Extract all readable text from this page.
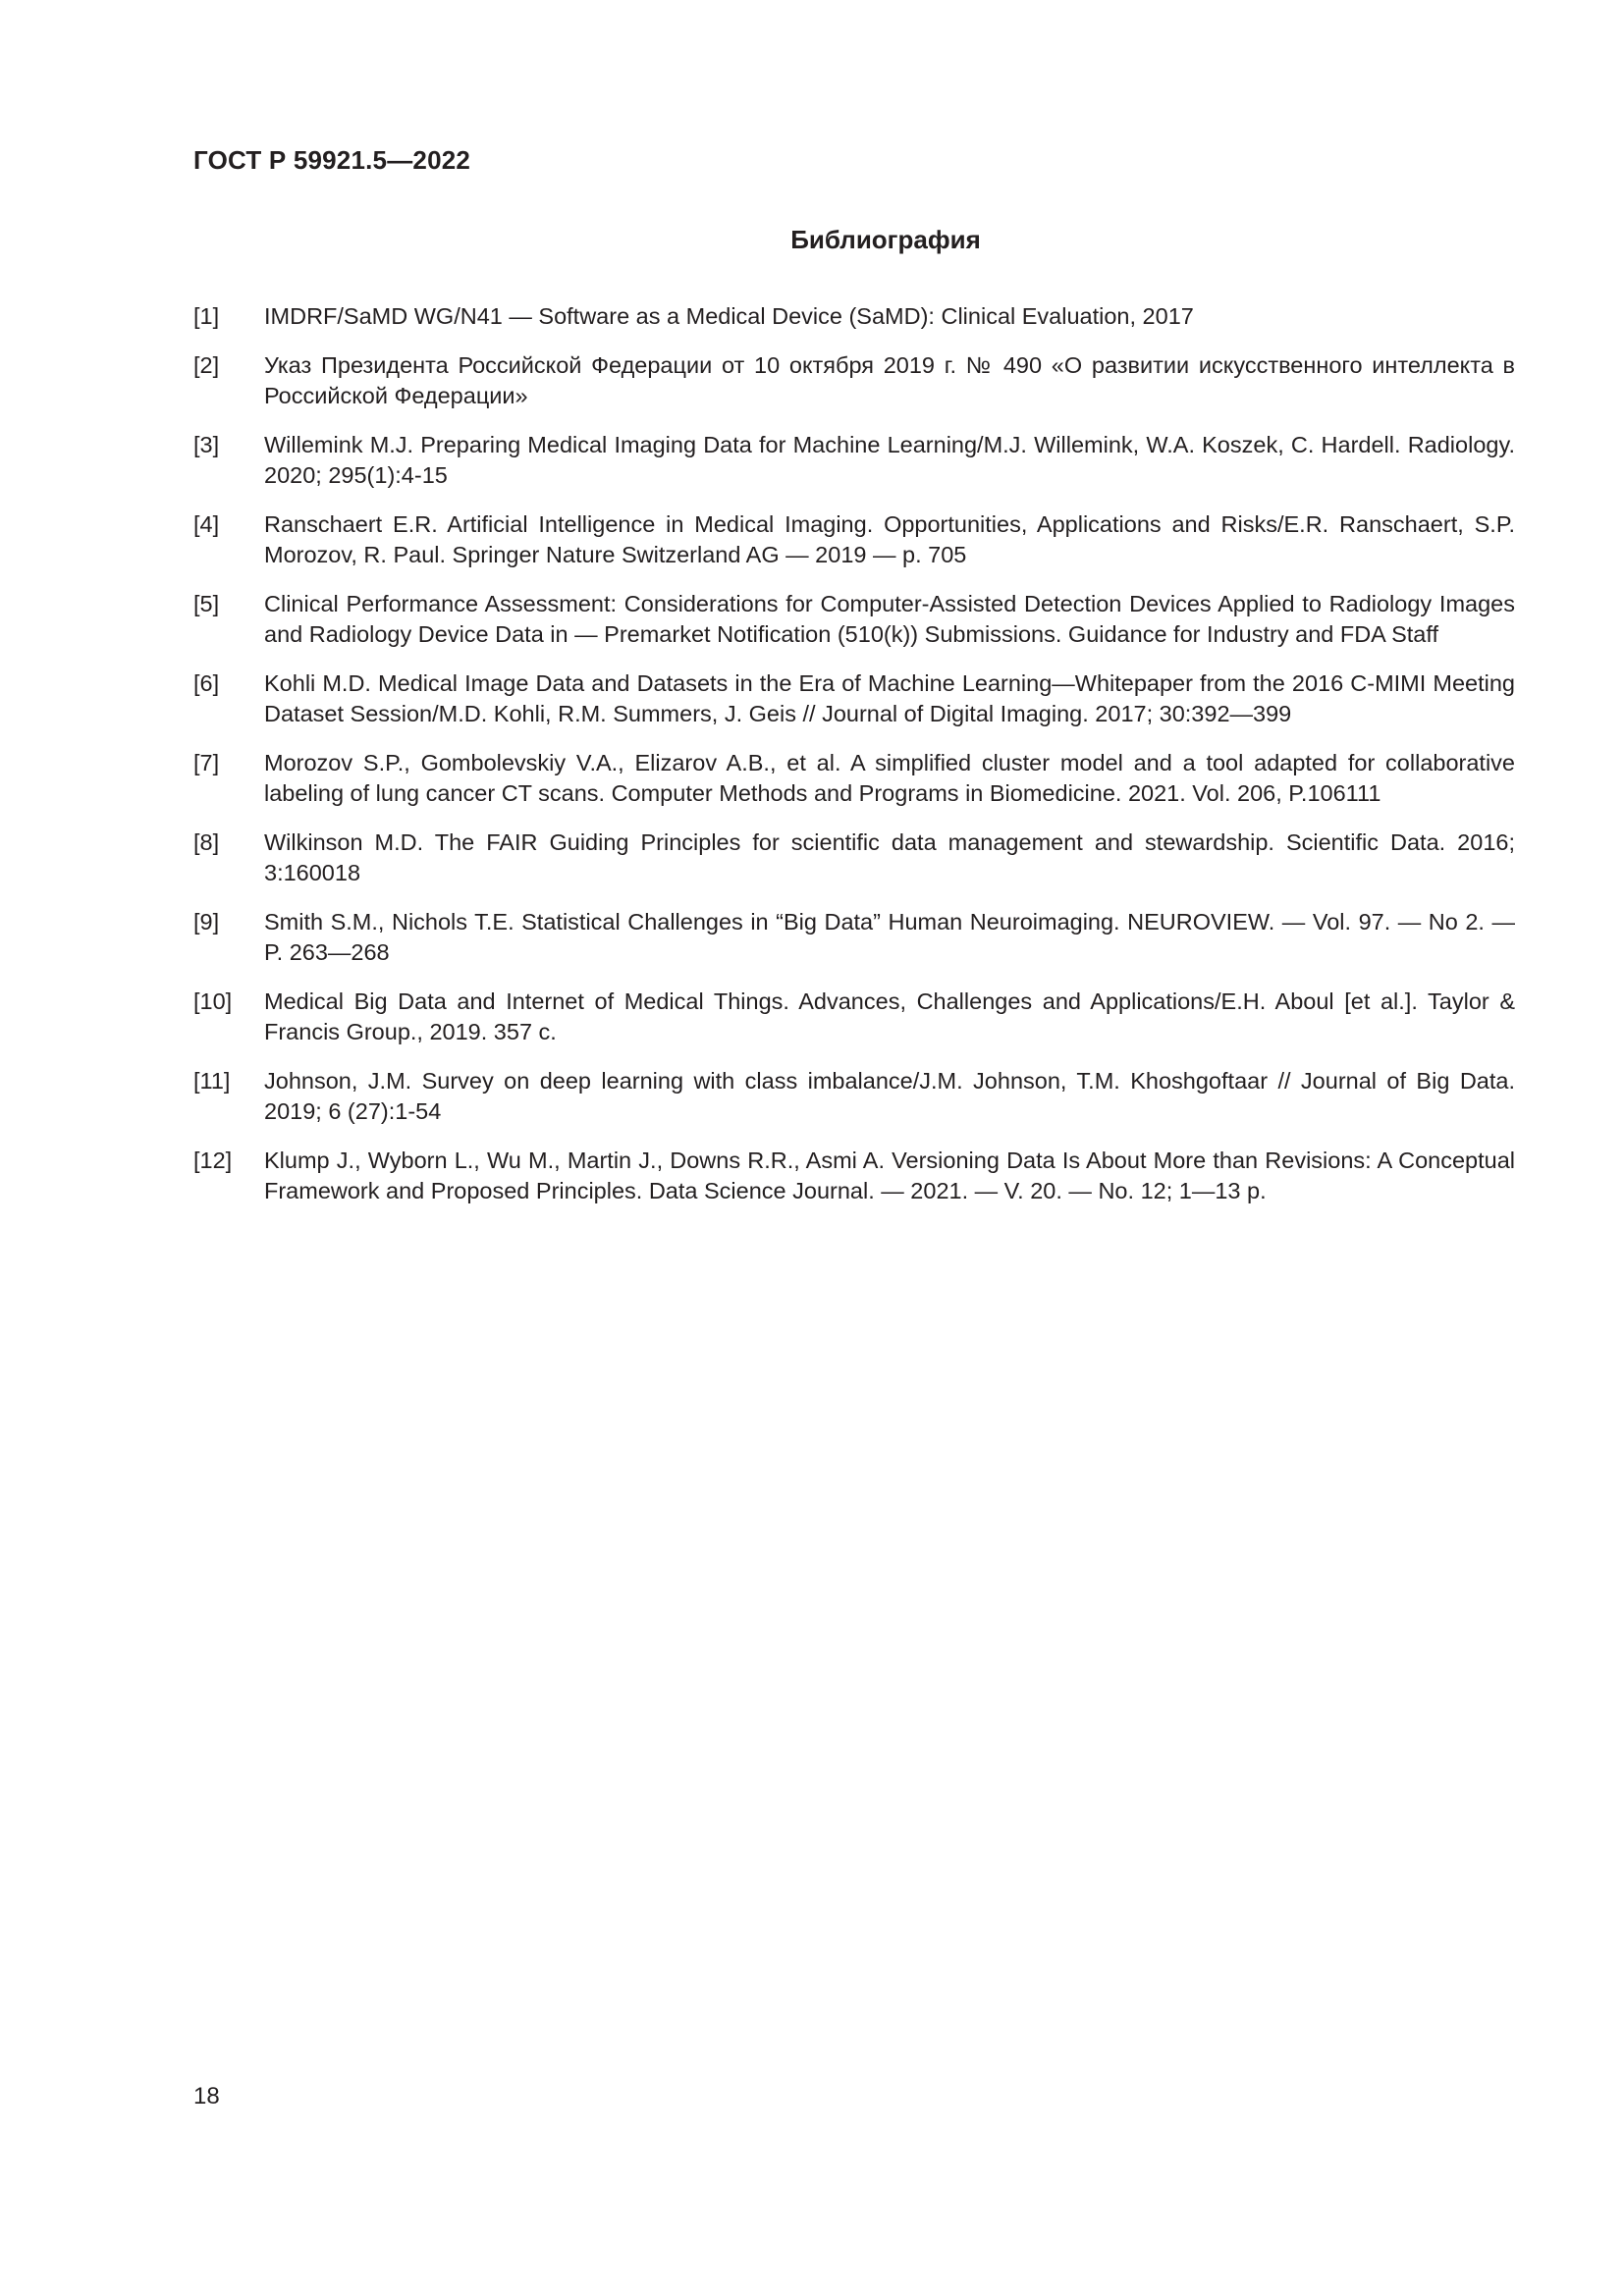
ГОСТ Р 59921.5—2022
Библиография
[1]	IMDRF/SaMD WG/N41 — Software as a Medical Device (SaMD): Clinical Evaluation, 2017
[2]	Указ Президента Российской Федерации от 10 октября 2019 г. № 490 «О развитии искусственного интеллекта в Российской Федерации»
[3]	Willemink M.J. Preparing Medical Imaging Data for Machine Learning/M.J. Willemink, W.A. Koszek, C. Hardell. Radiology. 2020; 295(1):4-15
[4]	Ranschaert E.R. Artificial Intelligence in Medical Imaging. Opportunities, Applications and Risks/E.R. Ranschaert, S.P. Morozov, R. Paul. Springer Nature Switzerland AG — 2019 — p. 705
[5]	Clinical Performance Assessment: Considerations for Computer-Assisted Detection Devices Applied to Radiology Images and Radiology Device Data in — Premarket Notification (510(k)) Submissions. Guidance for Industry and FDA Staff
[6]	Kohli M.D. Medical Image Data and Datasets in the Era of Machine Learning—Whitepaper from the 2016 C-MIMI Meeting Dataset Session/M.D. Kohli, R.M. Summers, J. Geis // Journal of Digital Imaging. 2017; 30:392—399
[7]	Morozov S.P., Gombolevskiy V.A., Elizarov A.B., et al. A simplified cluster model and a tool adapted for collaborative labeling of lung cancer CT scans. Computer Methods and Programs in Biomedicine. 2021. Vol. 206, P.106111
[8]	Wilkinson M.D. The FAIR Guiding Principles for scientific data management and stewardship. Scientific Data. 2016; 3:160018
[9]	Smith S.M., Nichols T.E. Statistical Challenges in “Big Data” Human Neuroimaging. NEUROVIEW. — Vol. 97. — No 2. — P. 263—268
[10]	Medical Big Data and Internet of Medical Things. Advances, Challenges and Applications/E.H. Aboul [et al.]. Taylor & Francis Group., 2019. 357 c.
[11]	Johnson, J.M. Survey on deep learning with class imbalance/J.M. Johnson, T.M. Khoshgoftaar // Journal of Big Data. 2019; 6 (27):1-54
[12]	Klump J., Wyborn L., Wu M., Martin J., Downs R.R., Asmi A. Versioning Data Is About More than Revisions: A Conceptual Framework and Proposed Principles. Data Science Journal. — 2021. — V. 20. — No. 12; 1—13 p.
18
